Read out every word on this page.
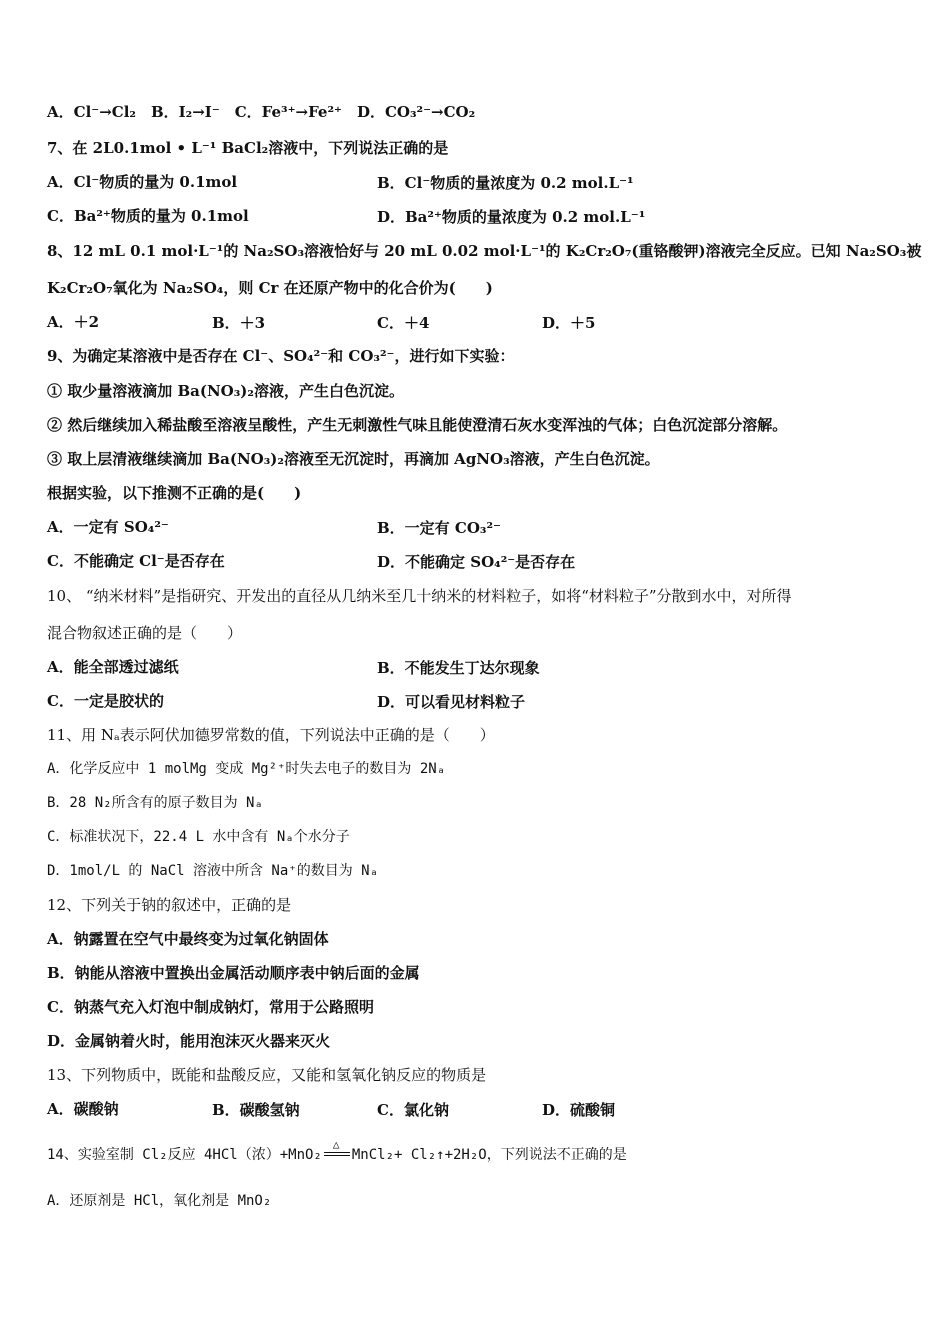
A．Cl⁻→Cl₂　B．I₂→I⁻　C．Fe³⁺→Fe²⁺　D．CO₃²⁻→CO₂
7、在 2L0.1mol • L⁻¹ BaCl₂溶液中，下列说法正确的是
A．Cl⁻物质的量为 0.1mol	B．Cl⁻物质的量浓度为 0.2 mol.L⁻¹
C．Ba²⁺物质的量为 0.1mol	D．Ba²⁺物质的量浓度为 0.2 mol.L⁻¹
8、12 mL 0.1 mol·L⁻¹的 Na₂SO₃溶液恰好与 20 mL 0.02 mol·L⁻¹的 K₂Cr₂O₇(重铬酸钾)溶液完全反应。已知 Na₂SO₃被
K₂Cr₂O₇氧化为 Na₂SO₄，则 Cr 在还原产物中的化合价为(　　)
A．＋2	B．＋3	C．＋4	D．＋5
9、为确定某溶液中是否存在 Cl⁻、SO₄²⁻和 CO₃²⁻，进行如下实验：
① 取少量溶液滴加 Ba(NO₃)₂溶液，产生白色沉淀。
② 然后继续加入稀盐酸至溶液呈酸性，产生无刺激性气味且能使澄清石灰水变浑浊的气体；白色沉淀部分溶解。
③ 取上层清液继续滴加 Ba(NO₃)₂溶液至无沉淀时，再滴加 AgNO₃溶液，产生白色沉淀。
根据实验，以下推测不正确的是(　　)
A．一定有 SO₄²⁻	B．一定有 CO₃²⁻
C．不能确定 Cl⁻是否存在	D．不能确定 SO₄²⁻是否存在
10、 “纳米材料”是指研究、开发出的直径从几纳米至几十纳米的材料粒子，如将“材料粒子”分散到水中，对所得
混合物叙述正确的是（　　）
A．能全部透过滤纸	B．不能发生丁达尔现象
C．一定是胶状的	D．可以看见材料粒子
11、用 Nₐ表示阿伏加德罗常数的值，下列说法中正确的是（　　）
A．化学反应中 1 molMg 变成 Mg²⁺时失去电子的数目为 2Nₐ
B．28 N₂所含有的原子数目为 Nₐ
C．标准状况下，22.4 L 水中含有 Nₐ个水分子
D．1mol/L 的 NaCl 溶液中所含 Na⁺的数目为 Nₐ
12、下列关于钠的叙述中，正确的是
A．钠露置在空气中最终变为过氧化钠固体
B．钠能从溶液中置换出金属活动顺序表中钠后面的金属
C．钠蒸气充入灯泡中制成钠灯，常用于公路照明
D．金属钠着火时，能用泡沫灭火器来灭火
13、下列物质中，既能和盐酸反应，又能和氢氧化钠反应的物质是
A．碳酸钠	B．碳酸氢钠	C．氯化钠	D．硫酸铜
14、实验室制 Cl₂反应 4HCl（浓）+MnO₂
△
MnCl₂+ Cl₂↑+2H₂O，下列说法不正确的是
A．还原剂是 HCl，氧化剂是 MnO₂
